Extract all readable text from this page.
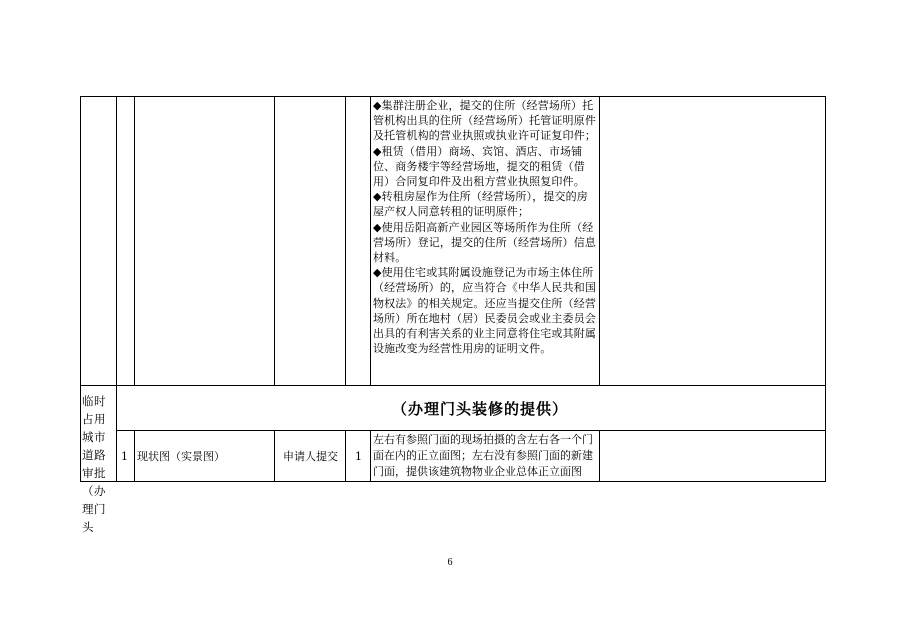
◆集群注册企业，提交的住所（经营场所）托管机构出具的住所（经营场所）托管证明原件及托管机构的营业执照或执业许可证复印件；
◆租赁（借用）商场、宾馆、酒店、市场铺位、商务楼宇等经营场地，提交的租赁（借用）合同复印件及出租方营业执照复印件。
◆转租房屋作为住所（经营场所），提交的房屋产权人同意转租的证明原件；
◆使用岳阳高新产业园区等场所作为住所（经营场所）登记，提交的住所（经营场所）信息材料。
◆使用住宅或其附属设施登记为市场主体住所（经营场所）的，应当符合《中华人民共和国物权法》的相关规定。还应当提交住所（经营场所）所在地村（居）民委员会或业主委员会出具的有利害关系的业主同意将住宅或其附属设施改变为经营性用房的证明文件。
临时占用城市道路审批（办理门头
（办理门头装修的提供）
1 现状图（实景图）	申请人提交 1
左右有参照门面的现场拍摄的含左右各一个门面在内的正立面图；左右没有参照门面的新建门面，提供该建筑物物业企业总体正立面图
6
